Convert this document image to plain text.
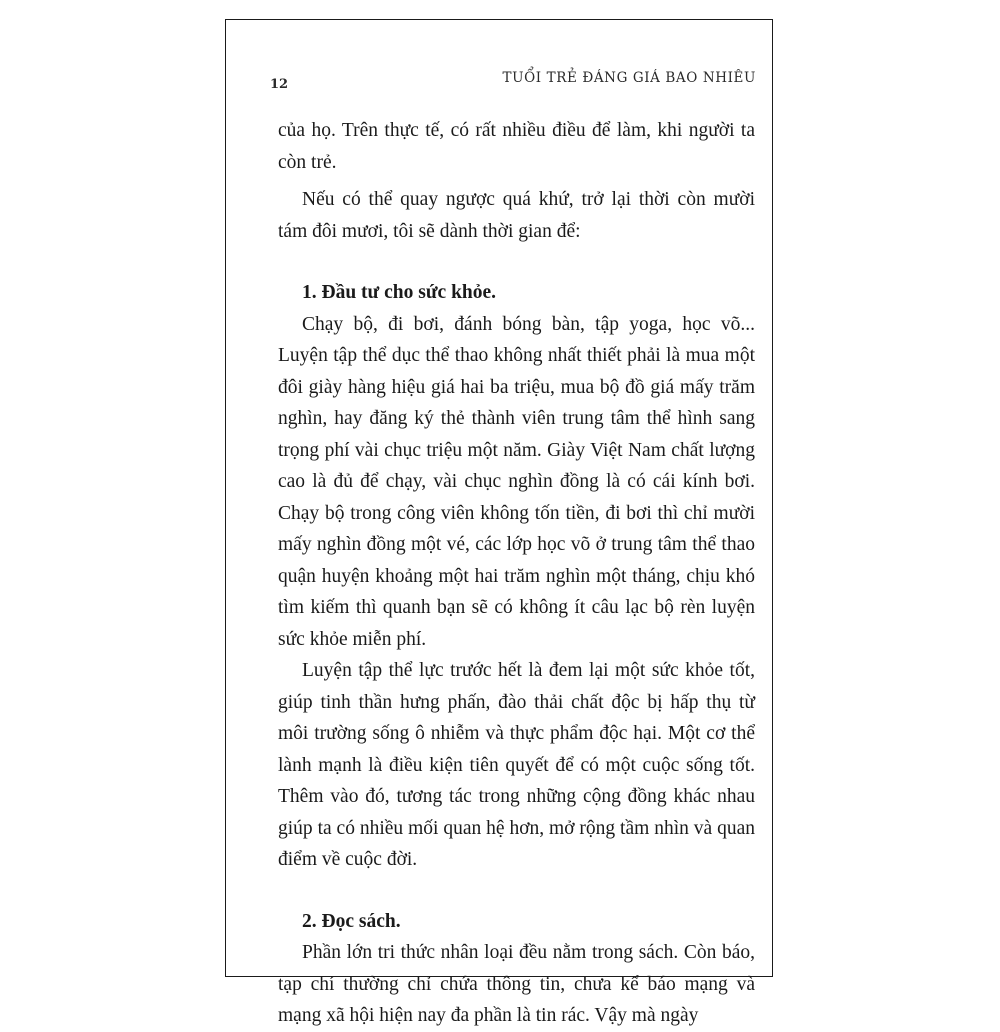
12	TUỔI TRẺ ĐÁNG GIÁ BAO NHIÊU

của họ. Trên thực tế, có rất nhiều điều để làm, khi người ta còn trẻ.

Nếu có thể quay ngược quá khứ, trở lại thời còn mười tám đôi mươi, tôi sẽ dành thời gian để:

1. Đầu tư cho sức khỏe.

Chạy bộ, đi bơi, đánh bóng bàn, tập yoga, học võ... Luyện tập thể dục thể thao không nhất thiết phải là mua một đôi giày hàng hiệu giá hai ba triệu, mua bộ đồ giá mấy trăm nghìn, hay đăng ký thẻ thành viên trung tâm thể hình sang trọng phí vài chục triệu một năm. Giày Việt Nam chất lượng cao là đủ để chạy, vài chục nghìn đồng là có cái kính bơi. Chạy bộ trong công viên không tốn tiền, đi bơi thì chỉ mười mấy nghìn đồng một vé, các lớp học võ ở trung tâm thể thao quận huyện khoảng một hai trăm nghìn một tháng, chịu khó tìm kiếm thì quanh bạn sẽ có không ít câu lạc bộ rèn luyện sức khỏe miễn phí.

Luyện tập thể lực trước hết là đem lại một sức khỏe tốt, giúp tinh thần hưng phấn, đào thải chất độc bị hấp thụ từ môi trường sống ô nhiễm và thực phẩm độc hại. Một cơ thể lành mạnh là điều kiện tiên quyết để có một cuộc sống tốt. Thêm vào đó, tương tác trong những cộng đồng khác nhau giúp ta có nhiều mối quan hệ hơn, mở rộng tầm nhìn và quan điểm về cuộc đời.

2. Đọc sách.

Phần lớn tri thức nhân loại đều nằm trong sách. Còn báo, tạp chí thường chỉ chứa thông tin, chưa kể báo mạng và mạng xã hội hiện nay đa phần là tin rác. Vậy mà ngày
